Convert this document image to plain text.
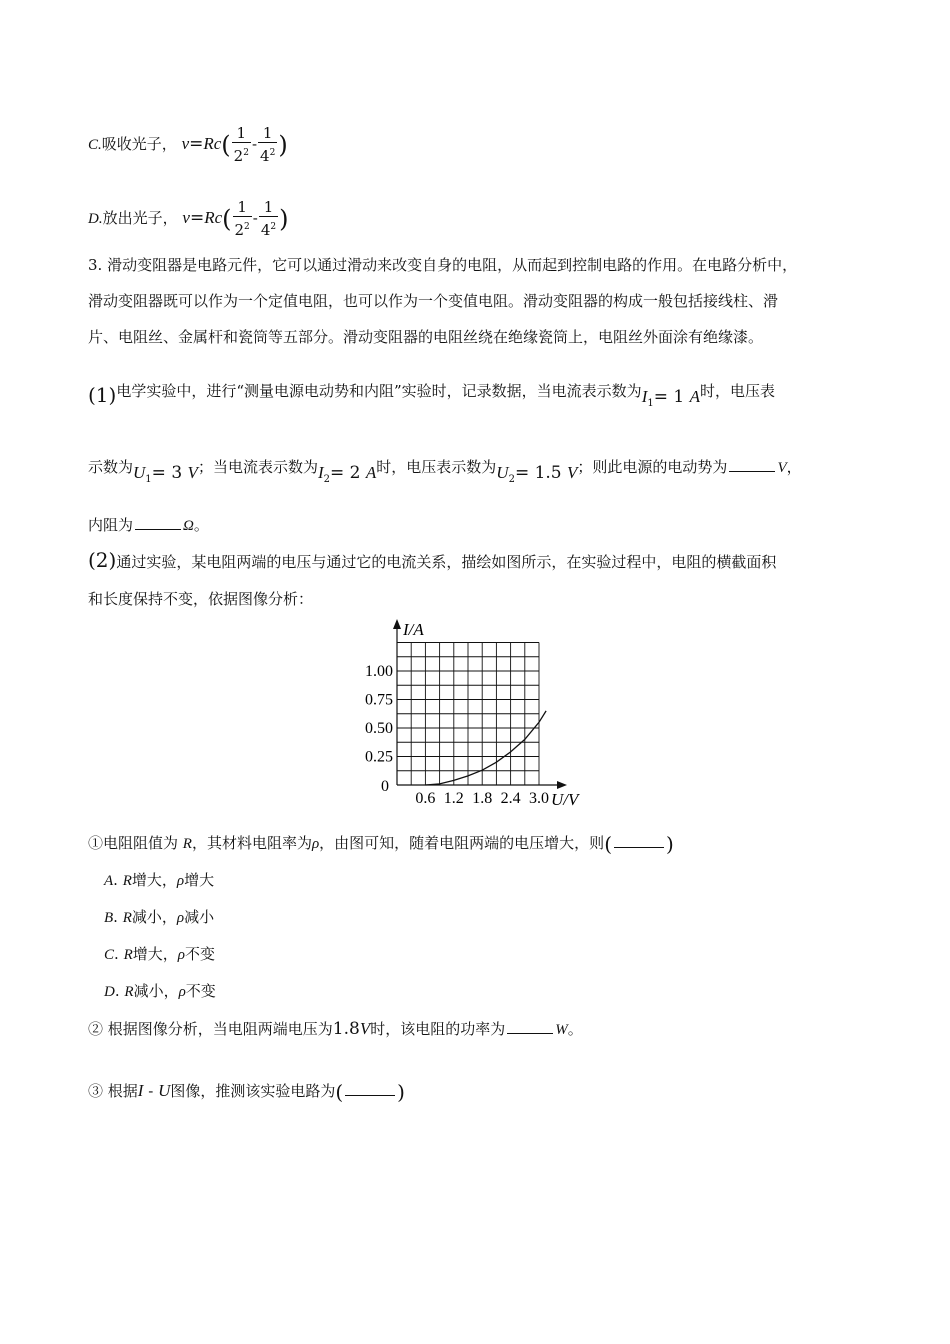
C.吸收光子， $v=Rc( \frac{1}{2^2} - \frac{1}{4^2}$ )
D.放出光子， $v=Rc( \frac{1}{2^2} - \frac{1}{4^2}$ )
3. 滑动变阻器是电路元件，它可以通过滑动来改变自身的电阻，从而起到控制电路的作用。在电路分析中，
滑动变阻器既可以作为一个定值电阻，也可以作为一个变值电阻。滑动变阻器的构成一般包括接线柱、滑
片、电阻丝、金属杆和瓷筒等五部分。滑动变阻器的电阻丝绕在绝缘瓷筒上，电阻丝外面涂有绝缘漆。
(1)电学实验中，进行“测量电源电动势和内阻”实验时，记录数据，当电流表示数为$I_1= 1$ A时，电压表
示数为$U_1= 3$ V；当电流表示数为$I_2= 2$ A时，电压表示数为$U_2= 1.5$ V；则此电源的电动势为	V，
内阻为	Ω。
(2)通过实验，某电阻两端的电压与通过它的电流关系，描绘如图所示，在实验过程中，电阻的横截面积
和长度保持不变，依据图像分析：
0.6 1.2 1.8 2.4 3.0
0.25
0.50
0.75
1.00
0
I/A
U/V
①电阻阻值为 R，其材料电阻率为ρ，由图可知，随着电阻两端的电压增大，则(	)
A. R增大，ρ增大
B. R减小，ρ减小
C. R增大，ρ不变
D. R减小，ρ不变
② 根据图像分析，当电阻两端电压为1.8V时，该电阻的功率为	W。
③ 根据I - U图像，推测该实验电路为(	)
